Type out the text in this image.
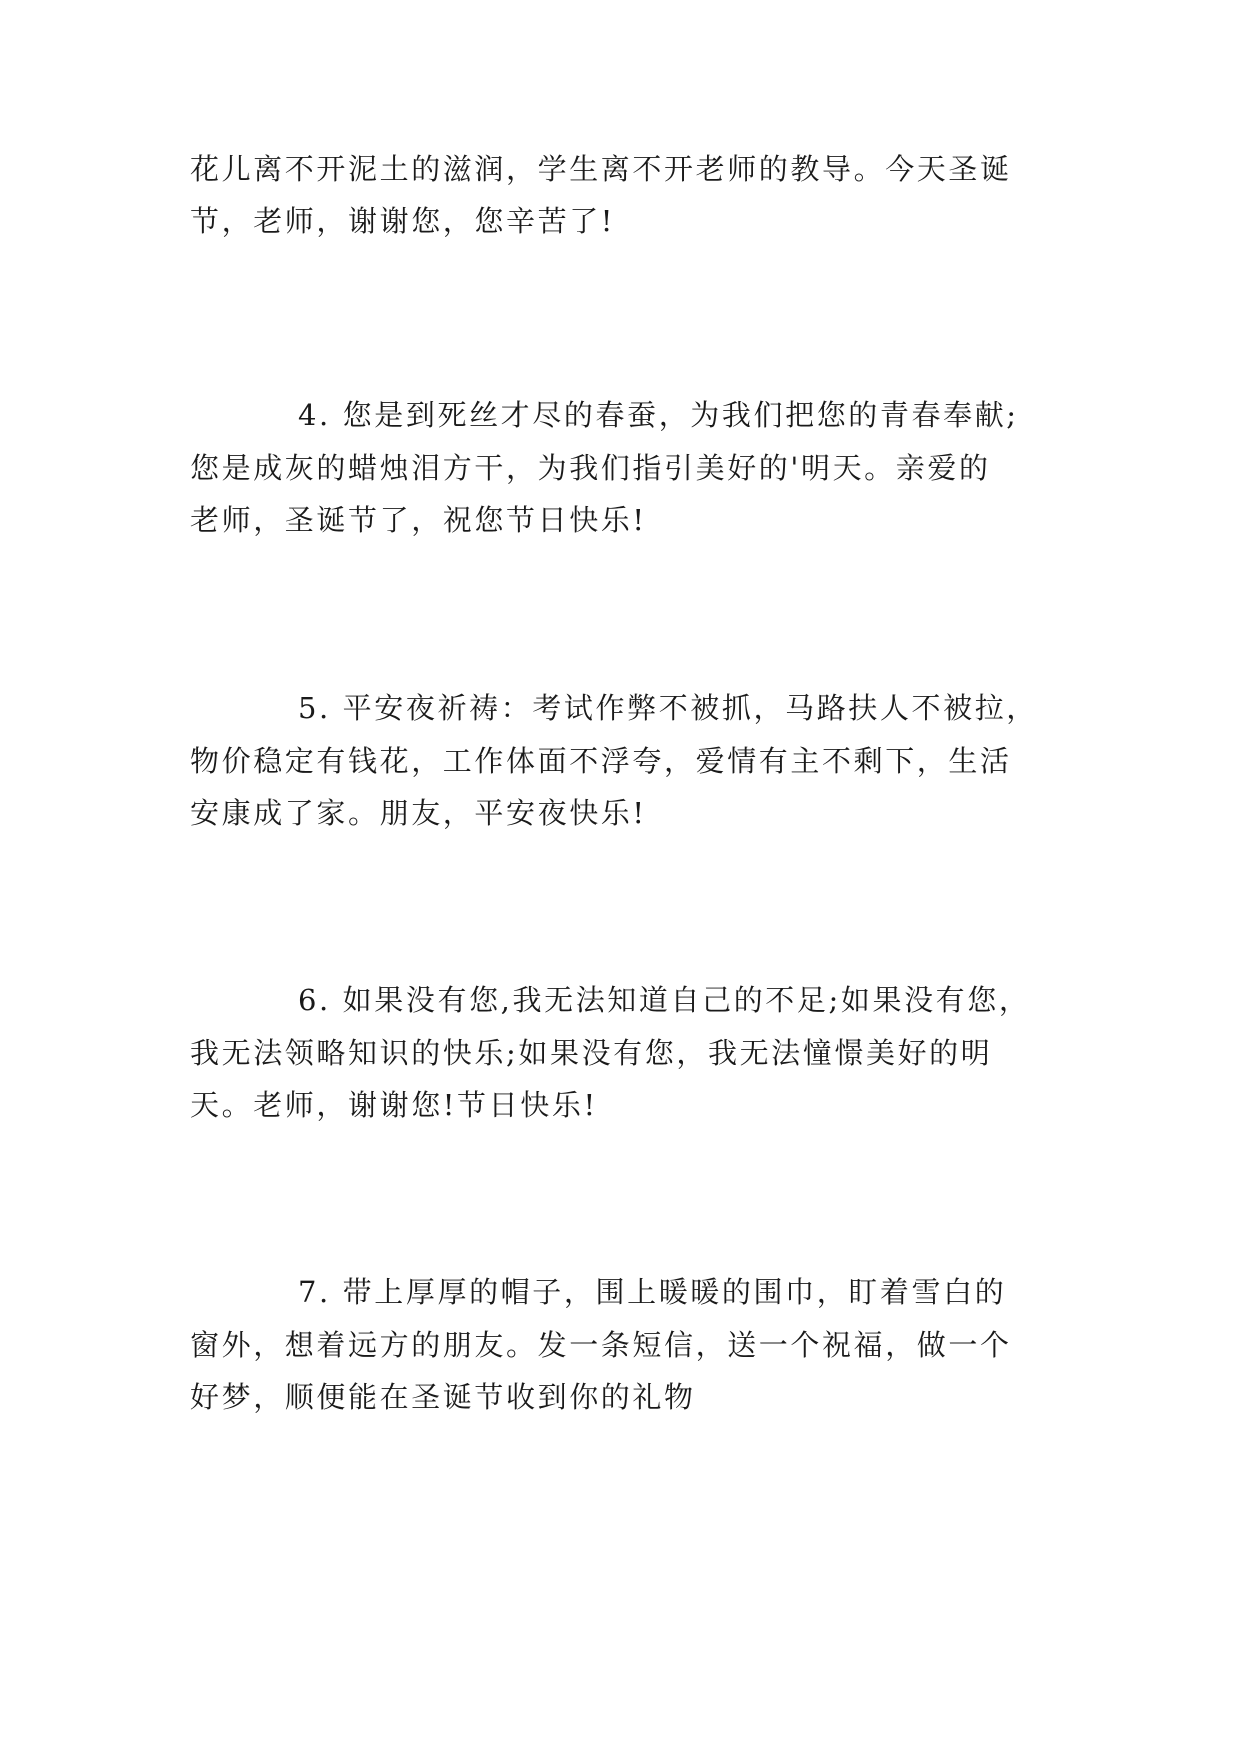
花儿离不开泥土的滋润，学生离不开老师的教导。今天圣诞
节，老师，谢谢您，您辛苦了!
4. 您是到死丝才尽的春蚕，为我们把您的青春奉献;
您是成灰的蜡烛泪方干，为我们指引美好的'明天。亲爱的
老师，圣诞节了，祝您节日快乐!
5. 平安夜祈祷：考试作弊不被抓，马路扶人不被拉，
物价稳定有钱花，工作体面不浮夸，爱情有主不剩下，生活
安康成了家。朋友，平安夜快乐!
6. 如果没有您,我无法知道自己的不足;如果没有您，
我无法领略知识的快乐;如果没有您，我无法憧憬美好的明
天。老师，谢谢您!节日快乐!
7. 带上厚厚的帽子，围上暖暖的围巾，盯着雪白的
窗外，想着远方的朋友。发一条短信，送一个祝福，做一个
好梦，顺便能在圣诞节收到你的礼物
